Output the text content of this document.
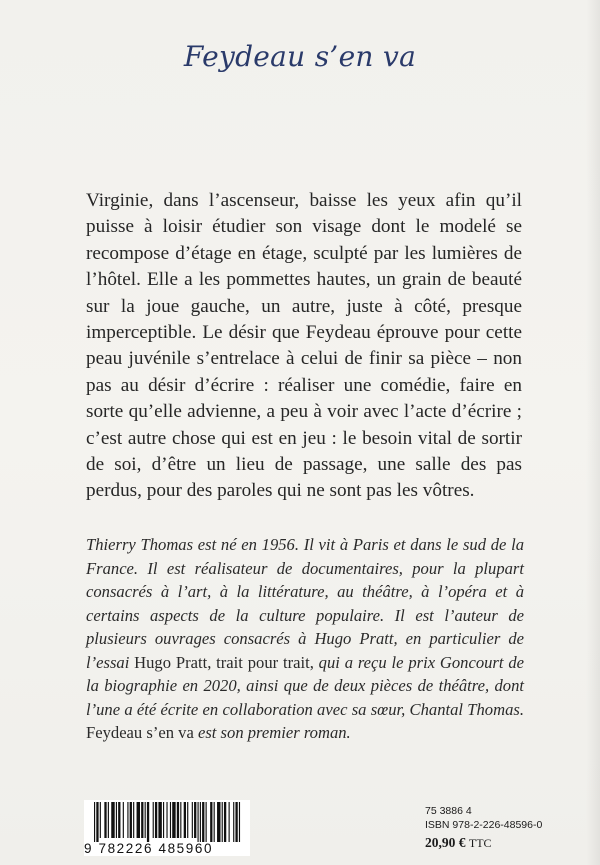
Feydeau s’en va

Virginie, dans l’ascenseur, baisse les yeux afin qu’il puisse à loisir étudier son visage dont le modelé se recompose d’étage en étage, sculpté par les lumières de l’hôtel. Elle a les pommettes hautes, un grain de beauté sur la joue gauche, un autre, juste à côté, presque imperceptible. Le désir que Feydeau éprouve pour cette peau juvénile s’entrelace à celui de finir sa pièce – non pas au désir d’écrire : réaliser une comédie, faire en sorte qu’elle advienne, a peu à voir avec l’acte d’écrire ; c’est autre chose qui est en jeu : le besoin vital de sortir de soi, d’être un lieu de passage, une salle des pas perdus, pour des paroles qui ne sont pas les vôtres.

Thierry Thomas est né en 1956. Il vit à Paris et dans le sud de la France. Il est réalisateur de documentaires, pour la plupart consacrés à l’art, à la littérature, au théâtre, à l’opéra et à certains aspects de la culture populaire. Il est l’auteur de plusieurs ouvrages consacrés à Hugo Pratt, en particulier de l’essai Hugo Pratt, trait pour trait, qui a reçu le prix Goncourt de la biographie en 2020, ainsi que de deux pièces de théâtre, dont l’une a été écrite en collaboration avec sa sœur, Chantal Thomas. Feydeau s’en va est son premier roman.

9 782226 485960
75 3886 4
ISBN 978-2-226-48596-0
20,90 € TTC
